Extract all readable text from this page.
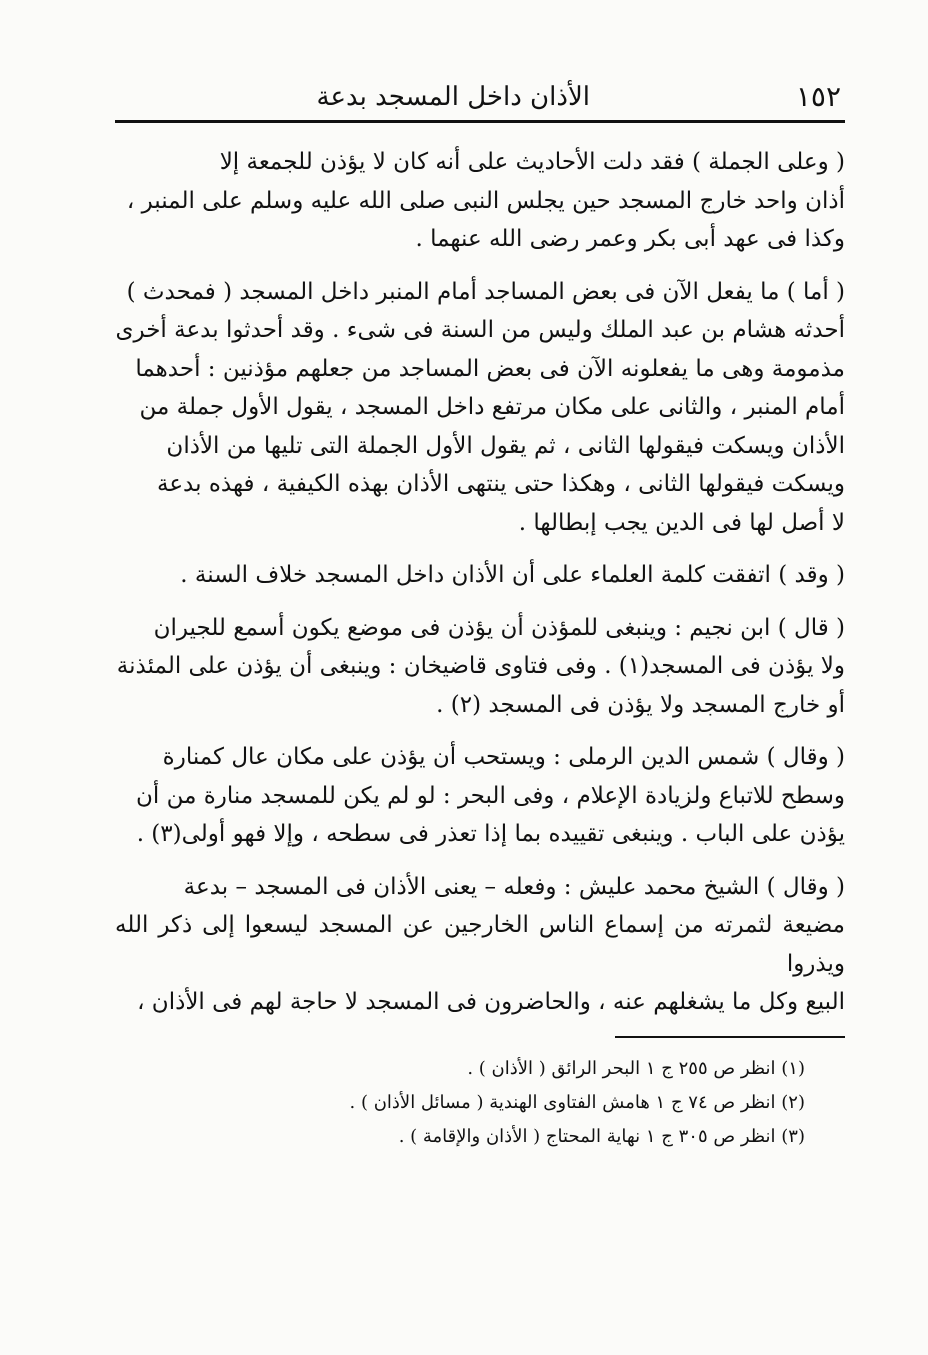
١٥٢
الأذان داخل المسجد بدعة
( وعلى الجملة ) فقد دلت الأحاديث على أنه كان لا يؤذن للجمعة إلا
أذان واحد خارج المسجد حين يجلس النبى صلى الله عليه وسلم على المنبر ،
وكذا فى عهد أبى بكر وعمر رضى الله عنهما .
( أما ) ما يفعل الآن فى بعض المساجد أمام المنبر داخل المسجد ( فمحدث )
أحدثه هشام بن عبد الملك وليس من السنة فى شىء . وقد أحدثوا بدعة أخرى
مذمومة وهى ما يفعلونه الآن فى بعض المساجد من جعلهم مؤذنين : أحدهما
أمام المنبر ، والثانى على مكان مرتفع داخل المسجد ، يقول الأول جملة من
الأذان ويسكت فيقولها الثانى ، ثم يقول الأول الجملة التى تليها من الأذان
ويسكت فيقولها الثانى ، وهكذا حتى ينتهى الأذان بهذه الكيفية ، فهذه بدعة
لا أصل لها فى الدين يجب إبطالها .
( وقد ) اتفقت كلمة العلماء على أن الأذان داخل المسجد خلاف السنة .
( قال ) ابن نجيم : وينبغى للمؤذن أن يؤذن فى موضع يكون أسمع للجيران
ولا يؤذن فى المسجد(١) . وفى فتاوى قاضيخان : وينبغى أن يؤذن على المئذنة
أو خارج المسجد ولا يؤذن فى المسجد (٢) .
( وقال ) شمس الدين الرملى : ويستحب أن يؤذن على مكان عال كمنارة
وسطح للاتباع ولزيادة الإعلام ، وفى البحر : لو لم يكن للمسجد منارة من أن
يؤذن على الباب . وينبغى تقييده بما إذا تعذر فى سطحه ، وإلا فهو أولى(٣) .
( وقال ) الشيخ محمد عليش : وفعله – يعنى الأذان فى المسجد – بدعة
مضيعة لثمرته من إسماع الناس الخارجين عن المسجد ليسعوا إلى ذكر الله ويذروا
البيع وكل ما يشغلهم عنه ، والحاضرون فى المسجد لا حاجة لهم فى الأذان ،

(١) انظر ص ٢٥٥ ج ١ البحر الرائق ( الأذان ) .

(٢) انظر ص ٧٤ ج ١ هامش الفتاوى الهندية ( مسائل الأذان ) .

(٣) انظر ص ٣٠٥ ج ١ نهاية المحتاج ( الأذان والإقامة ) .
